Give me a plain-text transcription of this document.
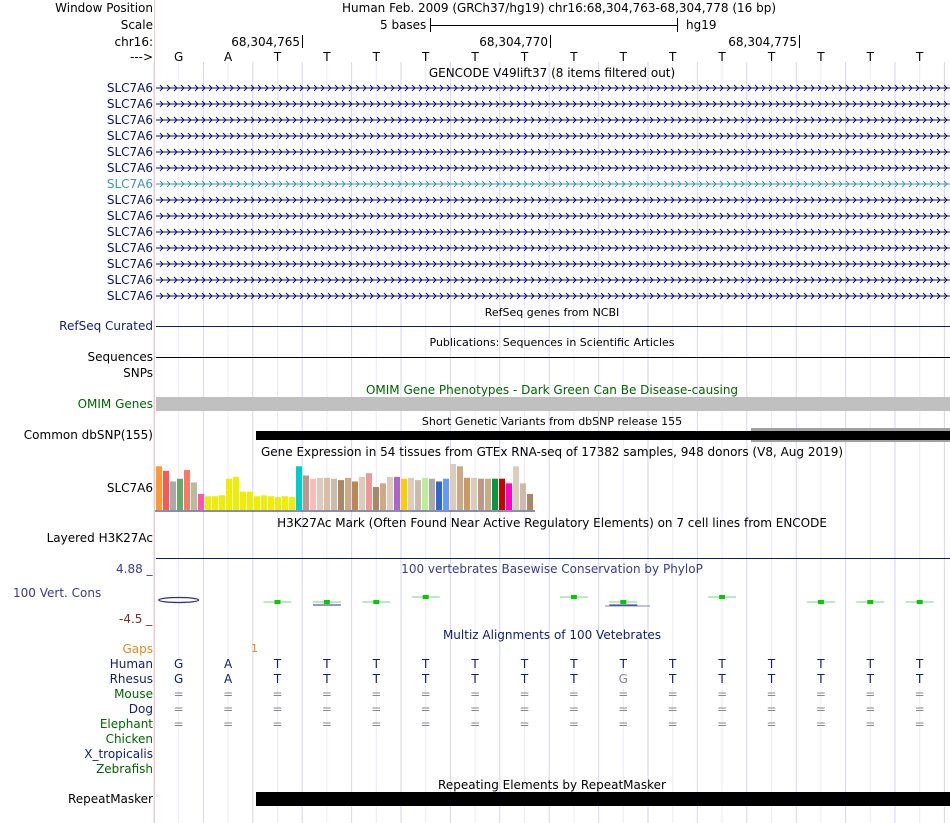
Window Position	Human Feb. 2009 (GRCh37/hg19) chr16:68,304,763-68,304,778 (16 bp)
Scale	5 bases	hg19
chr16:	68,304,765	68,304,770	68,304,775
---> G	A	T	T	T	T	T	T	T	T	T	T	T	T	T	T
GENCODE V49lift37 (8 items filtered out)
SLC7A6
SLC7A6
SLC7A6
SLC7A6
SLC7A6
SLC7A6
SLC7A6
SLC7A6
SLC7A6
SLC7A6
SLC7A6
SLC7A6
SLC7A6
SLC7A6
RefSeq genes from NCBI
RefSeq Curated
Publications: Sequences in Scientific Articles
Sequences
SNPs
OMIM Gene Phenotypes - Dark Green Can Be Disease-causing
OMIM Genes
Short Genetic Variants from dbSNP release 155
Common dbSNP(155)
Gene Expression in 54 tissues from GTEx RNA-seq of 17382 samples, 948 donors (V8, Aug 2019)
SLC7A6
H3K27Ac Mark (Often Found Near Active Regulatory Elements) on 7 cell lines from ENCODE
Layered H3K27Ac
4.88 _	100 vertebrates Basewise Conservation by PhyloP
100 Vert. Cons
-4.5 _
Multiz Alignments of 100 Vetebrates
Gaps	1
Human G	A	T	T	T	T	T	T	T	T	T	T	T	T	T	T
Rhesus G	A	T	T	T	T	T	T	T	G	T	T	T	T	T	T
Mouse =	=	=	=	=	=	=	=	=	=	=	=	=	=	=	=
Dog =	=	=	=	=	=	=	=	=	=	=	=	=	=	=	=
Elephant =	=	=	=	=	=	=	=	=	=	=	=	=	=	=	=
Chicken
X_tropicalis
Zebrafish
Repeating Elements by RepeatMasker
RepeatMasker
